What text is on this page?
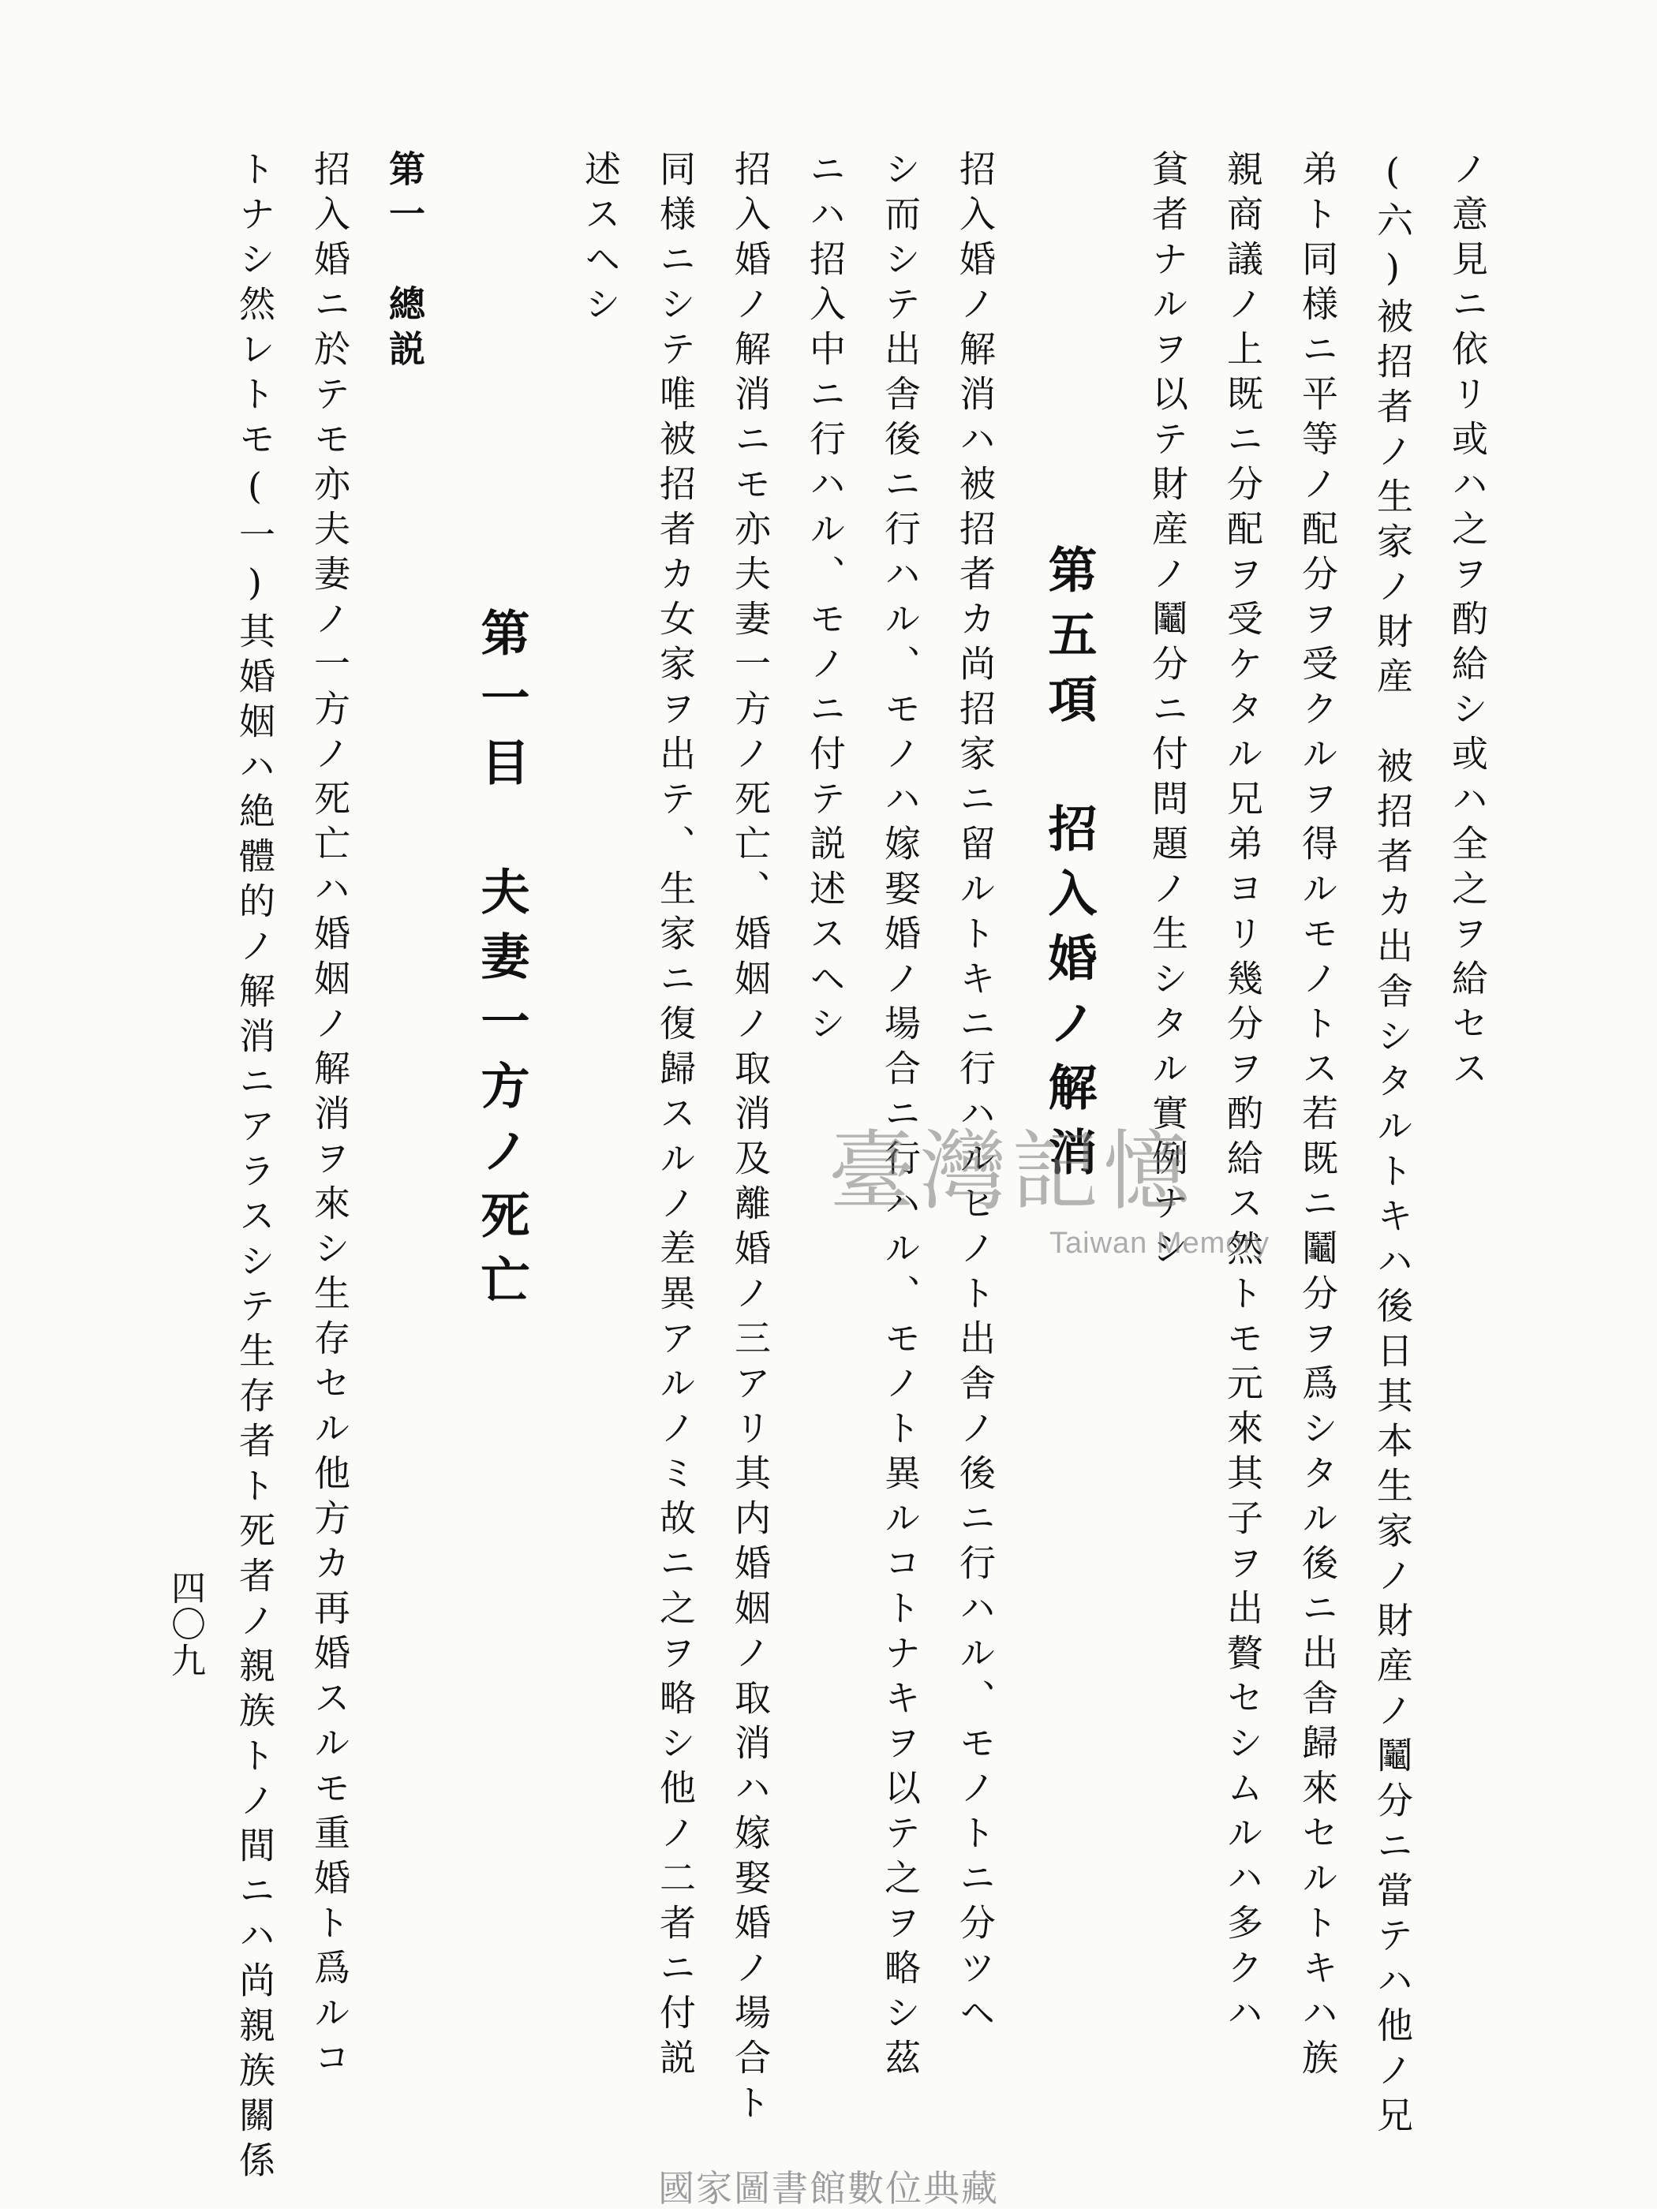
ノ意見ニ依リ或ハ之ヲ酌給シ或ハ全之ヲ給セス
(六)被招者ノ生家ノ財産　被招者カ出舎シタルトキハ後日其本生家ノ財産ノ鬮分ニ當テハ他ノ兄
弟ト同様ニ平等ノ配分ヲ受クルヲ得ルモノトス若既ニ鬮分ヲ爲シタル後ニ出舎歸來セルトキハ族
親商議ノ上既ニ分配ヲ受ケタル兄弟ヨリ幾分ヲ酌給ス然トモ元來其子ヲ出贅セシムルハ多クハ
貧者ナルヲ以テ財産ノ鬮分ニ付問題ノ生シタル實例ナシ
第五項　招入婚ノ解消
招入婚ノ解消ハ被招者カ尚招家ニ留ルトキニ行ハルヒノト出舎ノ後ニ行ハル、モノトニ分ツヘ
シ而シテ出舎後ニ行ハル、モノハ嫁娶婚ノ場合ニ行ハル、モノト異ルコトナキヲ以テ之ヲ略シ茲
ニハ招入中ニ行ハル、モノニ付テ説述スヘシ
招入婚ノ解消ニモ亦夫妻一方ノ死亡、婚姻ノ取消及離婚ノ三アリ其内婚姻ノ取消ハ嫁娶婚ノ場合ト
同様ニシテ唯被招者カ女家ヲ出テ、生家ニ復歸スルノ差異アルノミ故ニ之ヲ略シ他ノ二者ニ付説
述スヘシ
第一目　夫妻一方ノ死亡
第一　總説
招入婚ニ於テモ亦夫妻ノ一方ノ死亡ハ婚姻ノ解消ヲ來シ生存セル他方カ再婚スルモ重婚ト爲ルコ
トナシ然レトモ(一)其婚姻ハ絶體的ノ解消ニアラスシテ生存者ト死者ノ親族トノ間ニハ尚親族關係
四〇九
臺灣記憶
Taiwan Memory
國家圖書館數位典藏
